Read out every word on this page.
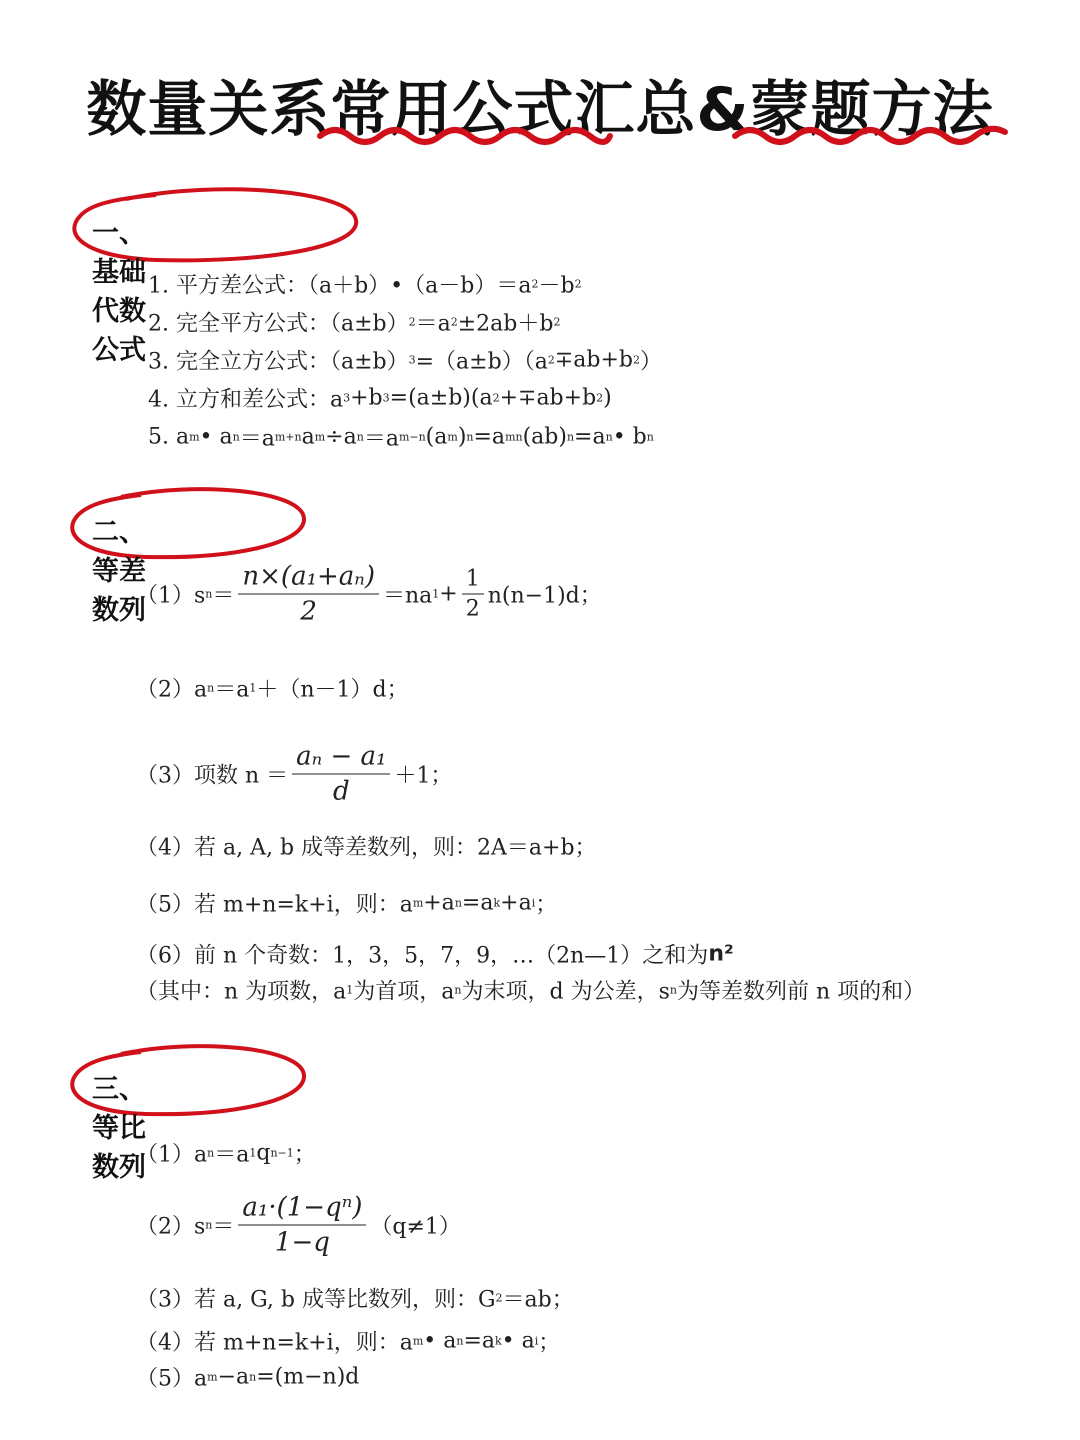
数量关系常用公式汇总&蒙题方法
一、基础代数公式
二、等差数列
三、等比数列
1. 平方差公式：（a＋b）•（a－b）＝a 2 －b 2
2. 完全平方公式：（a±b） 2 ＝a 2 ±2ab＋b 2
3. 完全立方公式：（a±b） 3 =（a±b）（a 2 ∓ab+b 2 ）
4. 立方和差公式：a 3 +b 3 =(a±b)(a 2 +∓ab+b 2 )
5. a m • a n ＝a m+n a m ÷a n ＝a m−n (a m ) n =a mn (ab) n =a n • b n
（1）s $n = \frac{\text{n×(a₁+aₙ)}}{2} =na$ $1 + \frac{1}{2} n(n-1)d$；
（2）a n ＝a 1 ＋（n－1）d；
（3）项数 $n = \frac{\text{aₙ − a₁}}{d} +1$；
（4）若 a, A, b 成等差数列，则：2A＝a+b；
（5）若 m+n=k+i，则：a m +a n =a k +a i ；
（6）前 n 个奇数：1，3，5，7，9，…（2n—1）之和为 n²
（其中：n 为项数，a 1 为首项，a n 为末项，d 为公差，s n 为等差数列前 n 项的和）
（1）a n ＝a 1 q n−1 ；
（2）s $n = \frac{\text{a₁·(1−qⁿ)}}{1-q} (q\ne 1)$
（3）若 a, G, b 成等比数列，则：G 2 ＝ab；
（4）若 m+n=k+i，则：a m • a n =a k • a i ；
（5）a m −a n =(m−n)d
